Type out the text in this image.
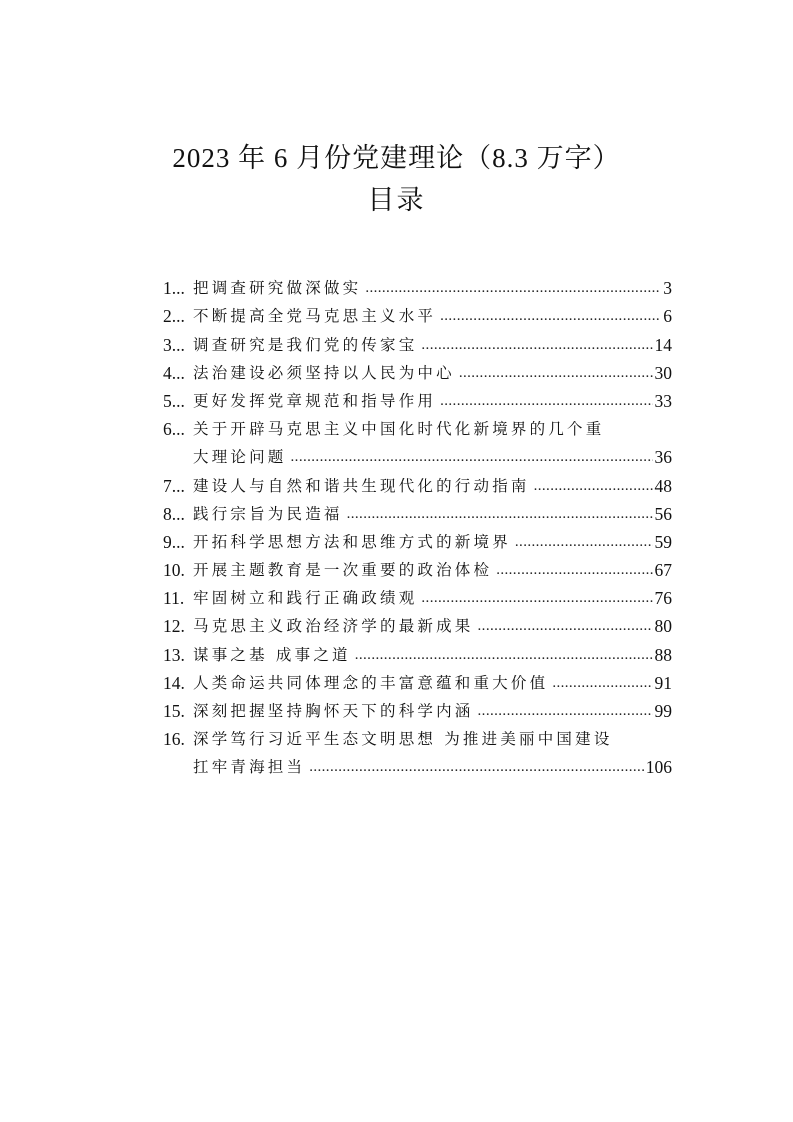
2023 年 6 月份党建理论（8.3 万字）
目录
1... 把调查研究做深做实 .....	3
2... 不断提高全党马克思主义水平 .....	6
3... 调查研究是我们党的传家宝 .....	14
4... 法治建设必须坚持以人民为中心 .....	30
5... 更好发挥党章规范和指导作用 .....	33
6... 关于开辟马克思主义中国化时代化新境界的几个重
大理论问题 .....	36
7... 建设人与自然和谐共生现代化的行动指南 .....	48
8... 践行宗旨为民造福 .....	56
9... 开拓科学思想方法和思维方式的新境界 .....	59
10. 开展主题教育是一次重要的政治体检 .....	67
11. 牢固树立和践行正确政绩观 .....	76
12. 马克思主义政治经济学的最新成果 .....	80
13. 谋事之基 成事之道 .....	88
14. 人类命运共同体理念的丰富意蕴和重大价值 .....	91
15. 深刻把握坚持胸怀天下的科学内涵 .....	99
16. 深学笃行习近平生态文明思想 为推进美丽中国建设
扛牢青海担当 .....	106
